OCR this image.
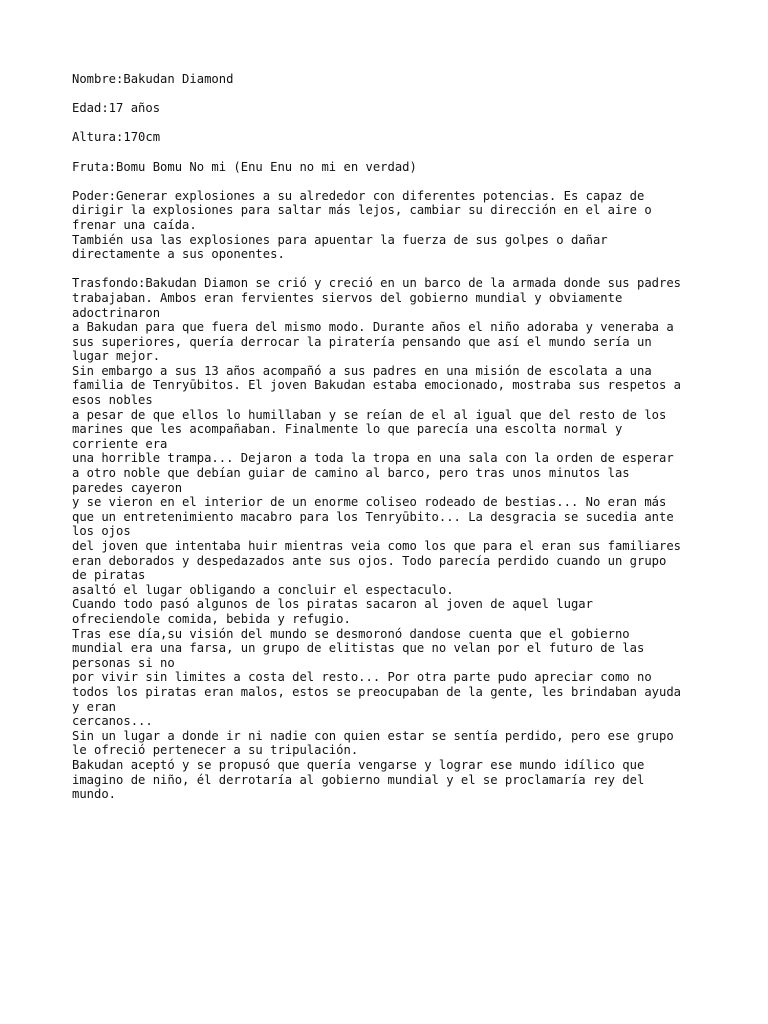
Nombre:Bakudan Diamond
Edad:17 años
Altura:170cm
Fruta:Bomu Bomu No mi (Enu Enu no mi en verdad)
Poder:Generar explosiones a su alrededor con diferentes potencias. Es capaz de
dirigir la explosiones para saltar más lejos, cambiar su dirección en el aire o
frenar una caída.
También usa las explosiones para apuentar la fuerza de sus golpes o dañar
directamente a sus oponentes.
Trasfondo:Bakudan Diamon se crió y creció en un barco de la armada donde sus padres
trabajaban. Ambos eran fervientes siervos del gobierno mundial y obviamente
adoctrinaron
a Bakudan para que fuera del mismo modo. Durante años el niño adoraba y veneraba a
sus superiores, quería derrocar la piratería pensando que así el mundo sería un
lugar mejor.
Sin embargo a sus 13 años acompañó a sus padres en una misión de escolata a una
familia de Tenryūbitos. El joven Bakudan estaba emocionado, mostraba sus respetos a
esos nobles
a pesar de que ellos lo humillaban y se reían de el al igual que del resto de los
marines que les acompañaban. Finalmente lo que parecía una escolta normal y
corriente era
una horrible trampa... Dejaron a toda la tropa en una sala con la orden de esperar
a otro noble que debían guiar de camino al barco, pero tras unos minutos las
paredes cayeron
y se vieron en el interior de un enorme coliseo rodeado de bestias... No eran más
que un entretenimiento macabro para los Tenryūbito... La desgracia se sucedia ante
los ojos
del joven que intentaba huir mientras veia como los que para el eran sus familiares
eran deborados y despedazados ante sus ojos. Todo parecía perdido cuando un grupo
de piratas
asaltó el lugar obligando a concluir el espectaculo.
Cuando todo pasó algunos de los piratas sacaron al joven de aquel lugar
ofreciendole comida, bebida y refugio.
Tras ese día,su visión del mundo se desmoronó dandose cuenta que el gobierno
mundial era una farsa, un grupo de elitistas que no velan por el futuro de las
personas si no
por vivir sin limites a costa del resto... Por otra parte pudo apreciar como no
todos los piratas eran malos, estos se preocupaban de la gente, les brindaban ayuda
y eran
cercanos...
Sin un lugar a donde ir ni nadie con quien estar se sentía perdido, pero ese grupo
le ofreció pertenecer a su tripulación.
Bakudan aceptó y se propusó que quería vengarse y lograr ese mundo idílico que
imagino de niño, él derrotaría al gobierno mundial y el se proclamaría rey del
mundo.
